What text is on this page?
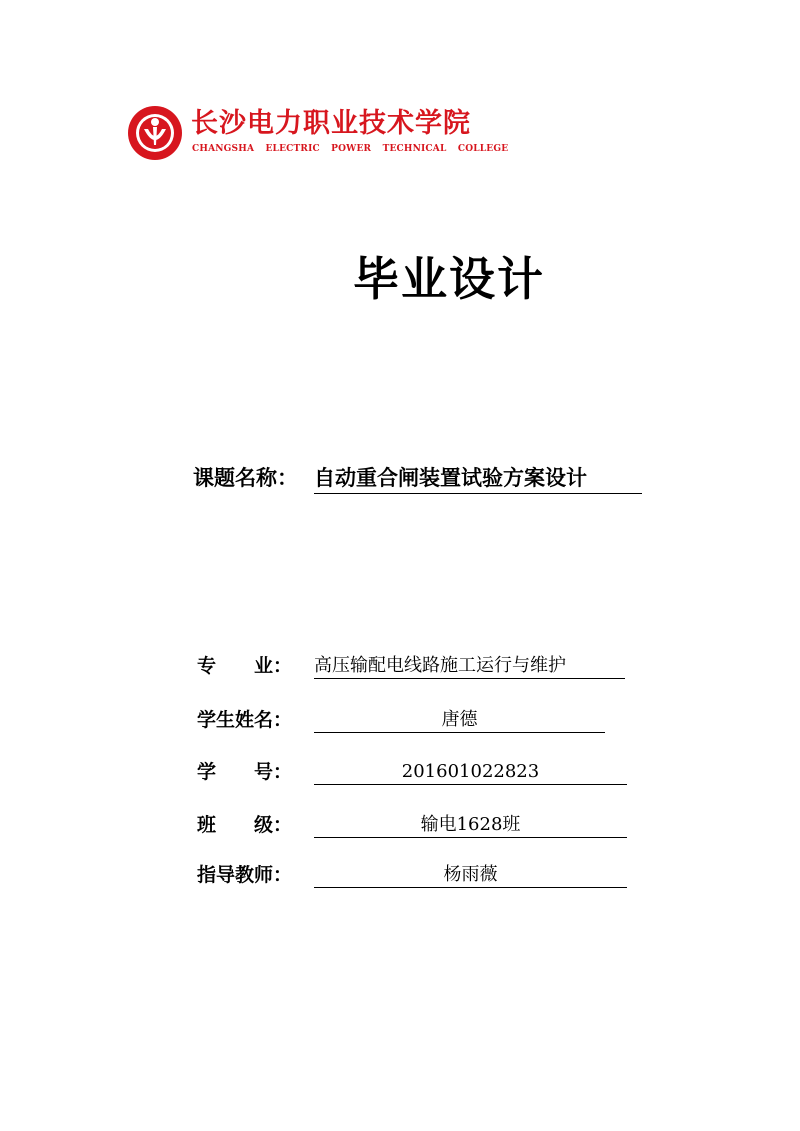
长沙电力职业技术学院
CHANGSHA ELECTRIC POWER TECHNICAL COLLEGE
毕业设计
课题名称： 自动重合闸装置试验方案设计
专　　业： 高压输配电线路施工运行与维护
学生姓名：	唐德
学　　号：	201601022823
班　　级：	输电1628班
指导教师：	杨雨薇
